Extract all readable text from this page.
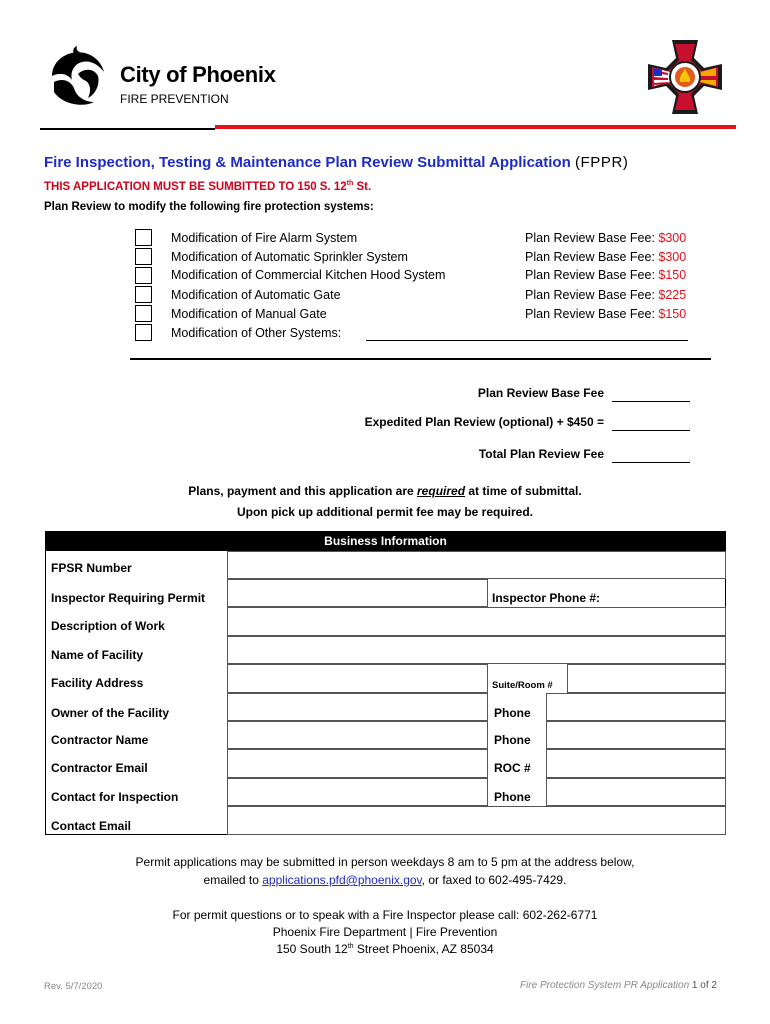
City of Phoenix
FIRE PREVENTION
Fire Inspection, Testing & Maintenance Plan Review Submittal Application (FPPR)
THIS APPLICATION MUST BE SUMBITTED TO 150 S. 12th St.
Plan Review to modify the following fire protection systems:
Modification of Fire Alarm System	Plan Review Base Fee: $300
Modification of Automatic Sprinkler System	Plan Review Base Fee: $300
Modification of Commercial Kitchen Hood System	Plan Review Base Fee: $150
Modification of Automatic Gate	Plan Review Base Fee: $225
Modification of Manual Gate	Plan Review Base Fee: $150
Modification of Other Systems:
Plan Review Base Fee
Expedited Plan Review (optional) + $450 =
Total Plan Review Fee
Plans, payment and this application are required at time of submittal.
Upon pick up additional permit fee may be required.
Business Information
FPSR Number
Inspector Requiring Permit	Inspector Phone #:
Description of Work
Name of Facility
Facility Address	Suite/Room #
Owner of the Facility	Phone
Contractor Name	Phone
Contractor Email	ROC #
Contact for Inspection	Phone
Contact Email
Permit applications may be submitted in person weekdays 8 am to 5 pm at the address below,
emailed to applications.pfd@phoenix.gov, or faxed to 602-495-7429.
For permit questions or to speak with a Fire Inspector please call: 602-262-6771
Phoenix Fire Department | Fire Prevention
150 South 12th Street Phoenix, AZ 85034
Rev. 5/7/2020	Fire Protection System PR Application 1 of 2
